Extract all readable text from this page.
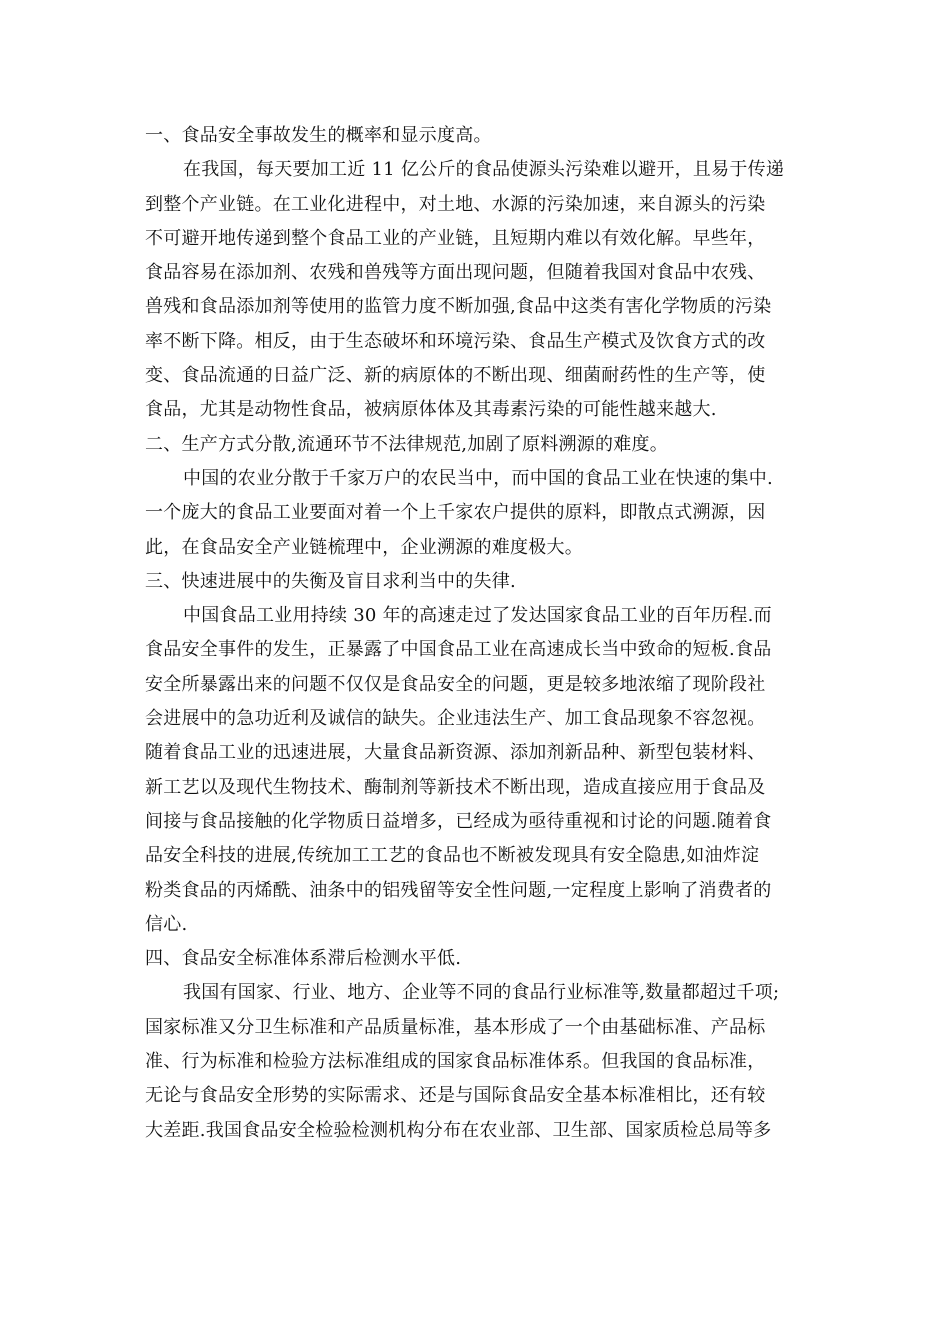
一、食品安全事故发生的概率和显示度高。
在我国，每天要加工近 11 亿公斤的食品使源头污染难以避开，且易于传递
到整个产业链。在工业化进程中，对土地、水源的污染加速，来自源头的污染
不可避开地传递到整个食品工业的产业链，且短期内难以有效化解。早些年，
食品容易在添加剂、农残和兽残等方面出现问题，但随着我国对食品中农残、
兽残和食品添加剂等使用的监管力度不断加强,食品中这类有害化学物质的污染
率不断下降。相反，由于生态破坏和环境污染、食品生产模式及饮食方式的改
变、食品流通的日益广泛、新的病原体的不断出现、细菌耐药性的生产等，使
食品，尤其是动物性食品，被病原体体及其毒素污染的可能性越来越大.
二、生产方式分散,流通环节不法律规范,加剧了原料溯源的难度。
中国的农业分散于千家万户的农民当中，而中国的食品工业在快速的集中.
一个庞大的食品工业要面对着一个上千家农户提供的原料，即散点式溯源，因
此，在食品安全产业链梳理中，企业溯源的难度极大。
三、快速进展中的失衡及盲目求利当中的失律.
中国食品工业用持续 30 年的高速走过了发达国家食品工业的百年历程.而
食品安全事件的发生，正暴露了中国食品工业在高速成长当中致命的短板.食品
安全所暴露出来的问题不仅仅是食品安全的问题，更是较多地浓缩了现阶段社
会进展中的急功近利及诚信的缺失。企业违法生产、加工食品现象不容忽视。
随着食品工业的迅速进展，大量食品新资源、添加剂新品种、新型包装材料、
新工艺以及现代生物技术、酶制剂等新技术不断出现，造成直接应用于食品及
间接与食品接触的化学物质日益增多，已经成为亟待重视和讨论的问题.随着食
品安全科技的进展,传统加工工艺的食品也不断被发现具有安全隐患,如油炸淀
粉类食品的丙烯酰、油条中的铝残留等安全性问题,一定程度上影响了消费者的
信心.
四、食品安全标准体系滞后检测水平低.
我国有国家、行业、地方、企业等不同的食品行业标准等,数量都超过千项;
国家标准又分卫生标准和产品质量标准，基本形成了一个由基础标准、产品标
准、行为标准和检验方法标准组成的国家食品标准体系。但我国的食品标准，
无论与食品安全形势的实际需求、还是与国际食品安全基本标准相比，还有较
大差距.我国食品安全检验检测机构分布在农业部、卫生部、国家质检总局等多
